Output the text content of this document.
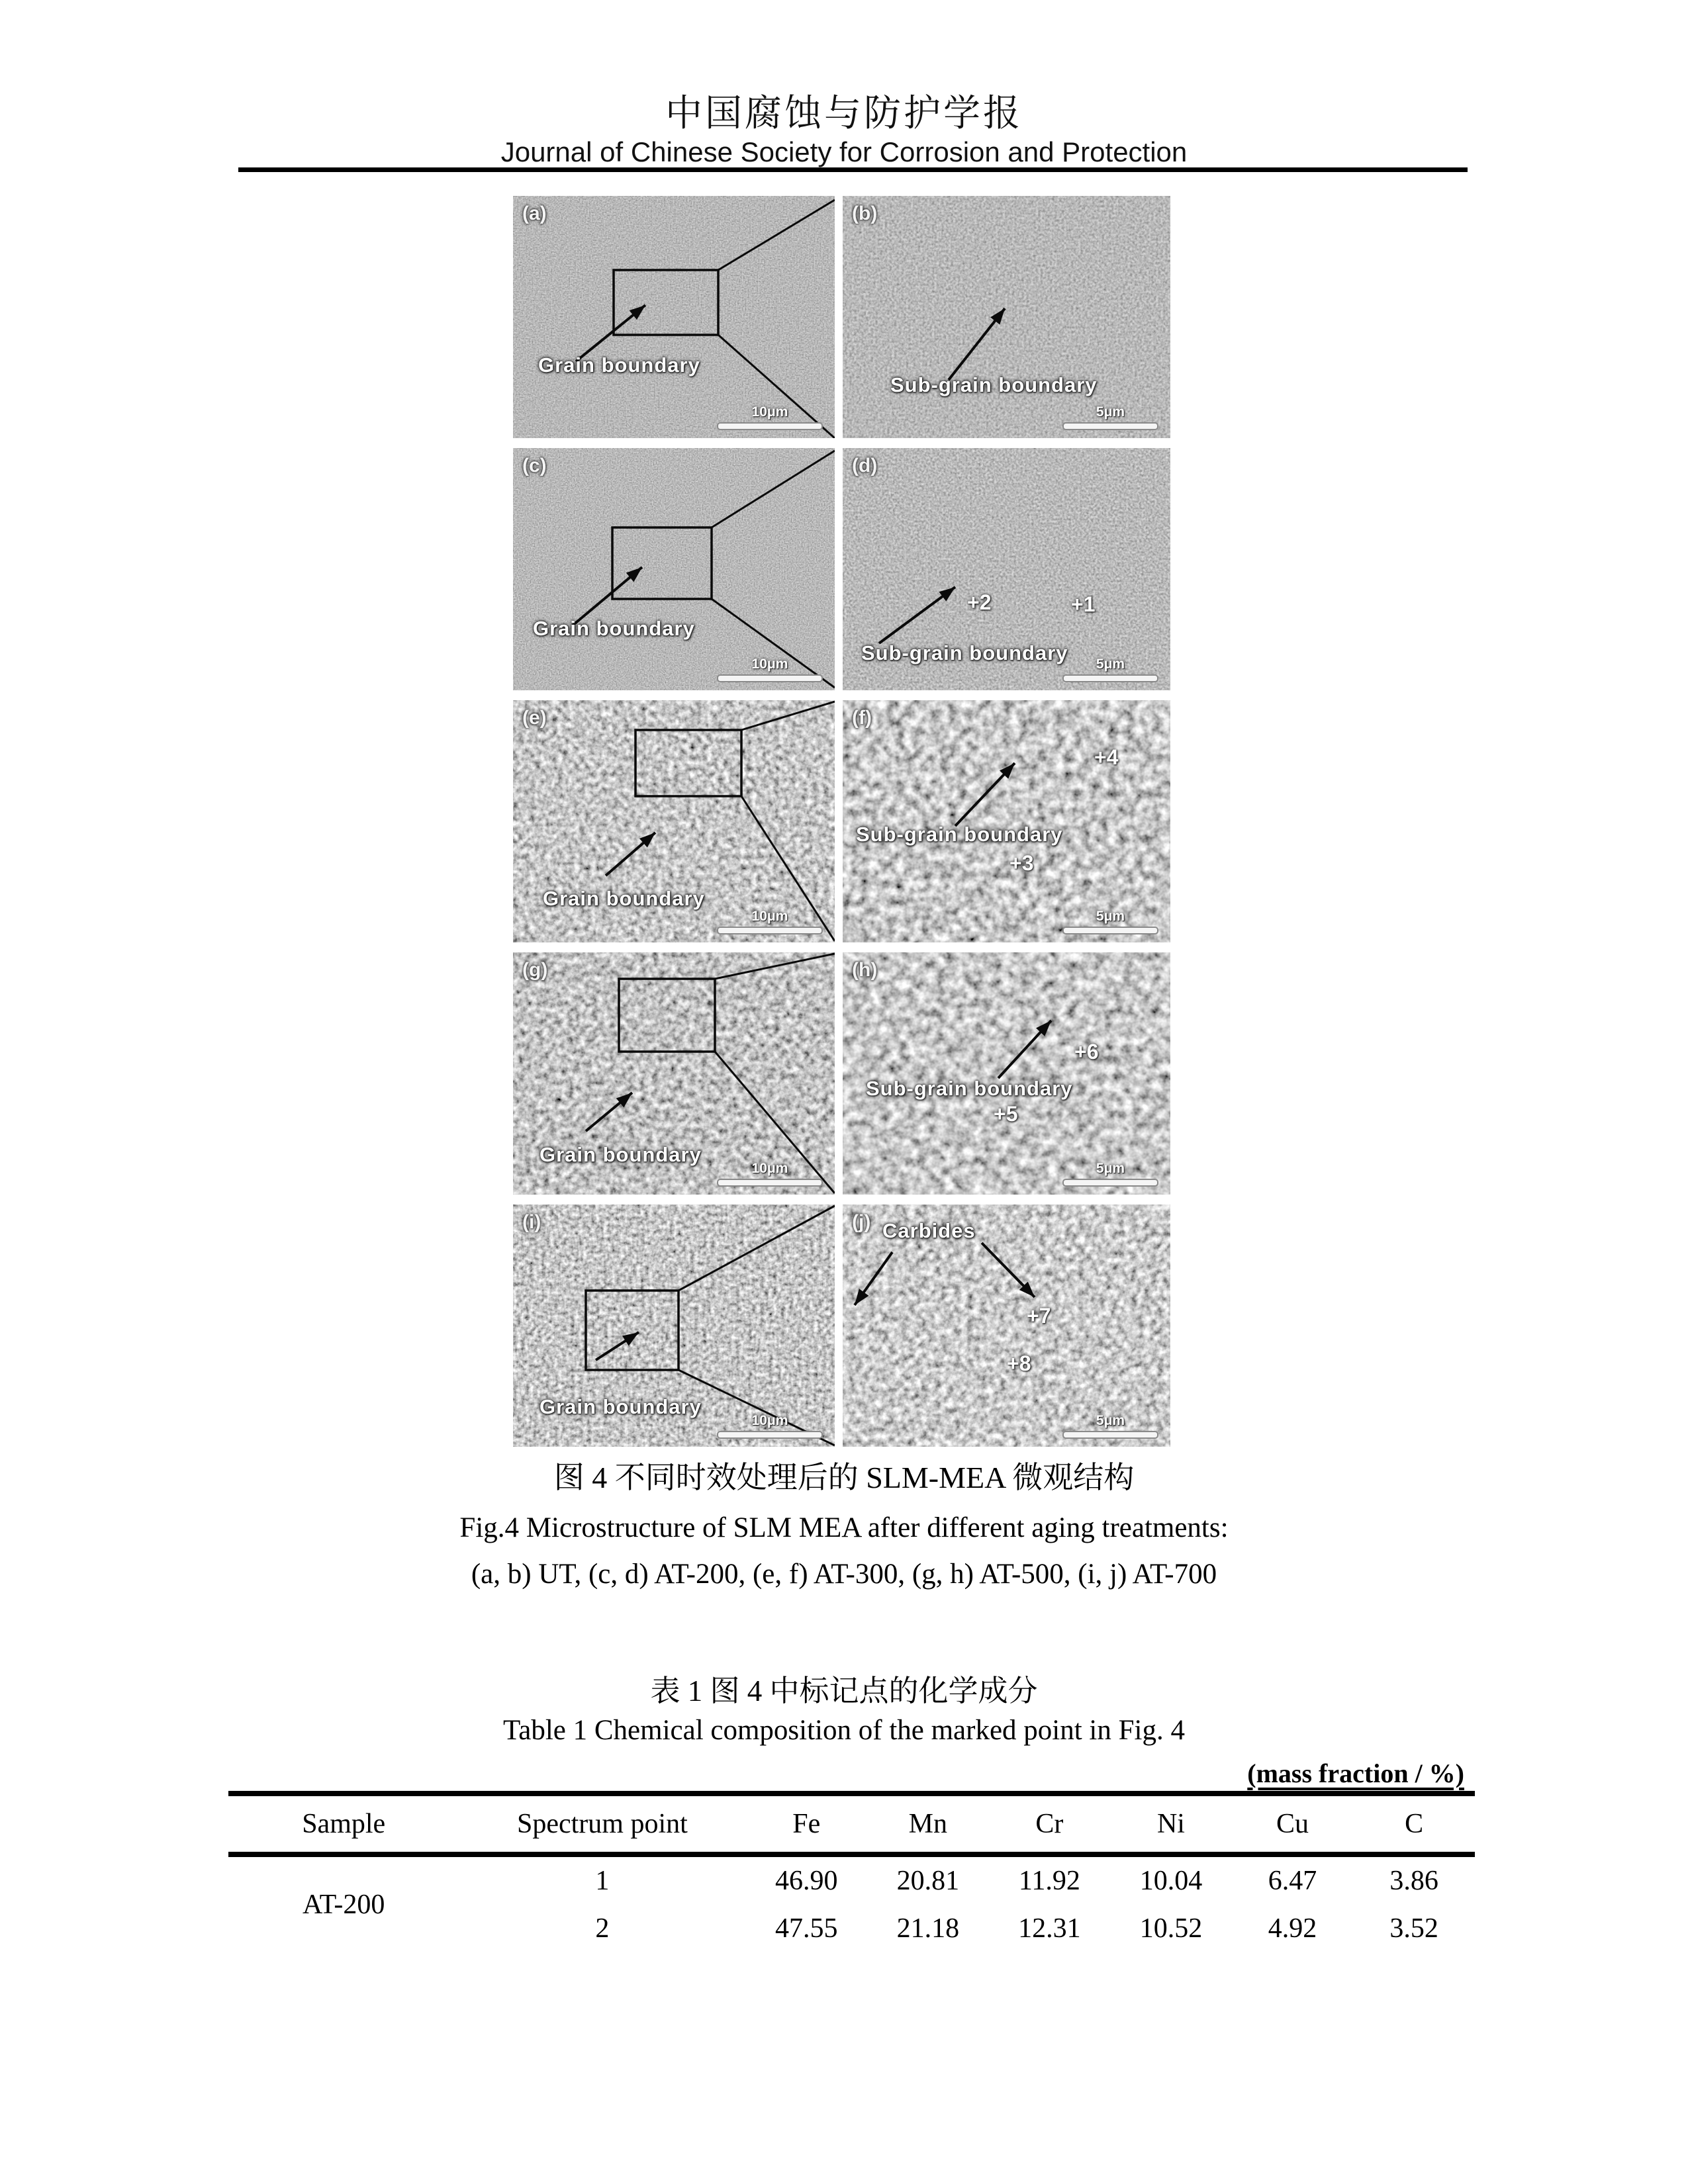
中国腐蚀与防护学报
Journal of Chinese Society for Corrosion and Protection
(a)
Grain boundary
10μm
(b)
Sub-grain boundary
5μm
(c)
Grain boundary
10μm
(d)
Sub-grain boundary
+2	+1
5μm
(e)
Grain boundary
10μm
(f)
Sub-grain boundary
+4
+3
5μm
(g)
Grain boundary
10μm
(h)
Sub-grain boundary
+6
+5
5μm
(i)
Grain boundary
10μm
(j) Carbides
+7
+8
5μm
图 4 不同时效处理后的 SLM-MEA 微观结构
Fig.4 Microstructure of SLM MEA after different aging treatments:
(a, b) UT, (c, d) AT-200, (e, f) AT-300, (g, h) AT-500, (i, j) AT-700
表 1 图 4 中标记点的化学成分
Table 1 Chemical composition of the marked point in Fig. 4
(mass fraction / %)
Sample	Spectrum point	Fe	Mn	Cr	Ni	Cu	C
AT-200	1	46.90	20.81	11.92	10.04	6.47	3.86
	2	47.55	21.18	12.31	10.52	4.92	3.52
